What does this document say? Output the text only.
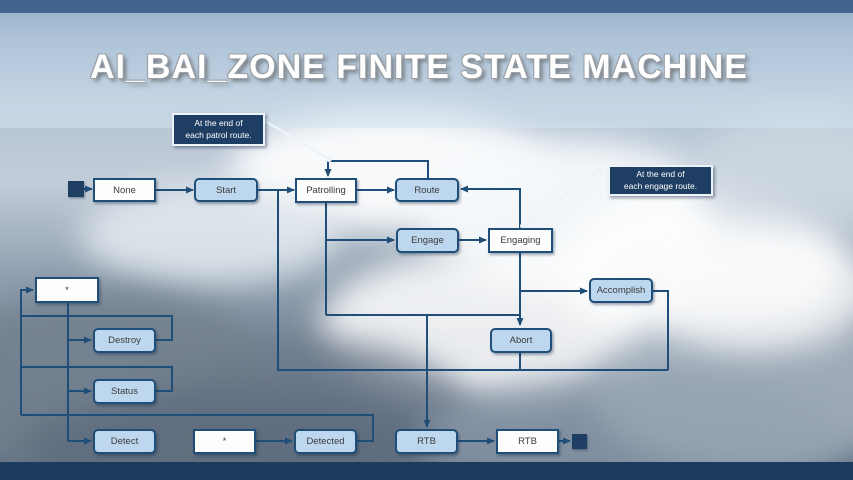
AI_BAI_ZONE FINITE STATE MACHINE
None	Start	Patrolling	Route
Engage	Engaging
*	Accomplish
Destroy	Abort
Status
Detect	*	Detected	RTB	RTB
At the end of
each patrol route.
At the end of
each engage route.
